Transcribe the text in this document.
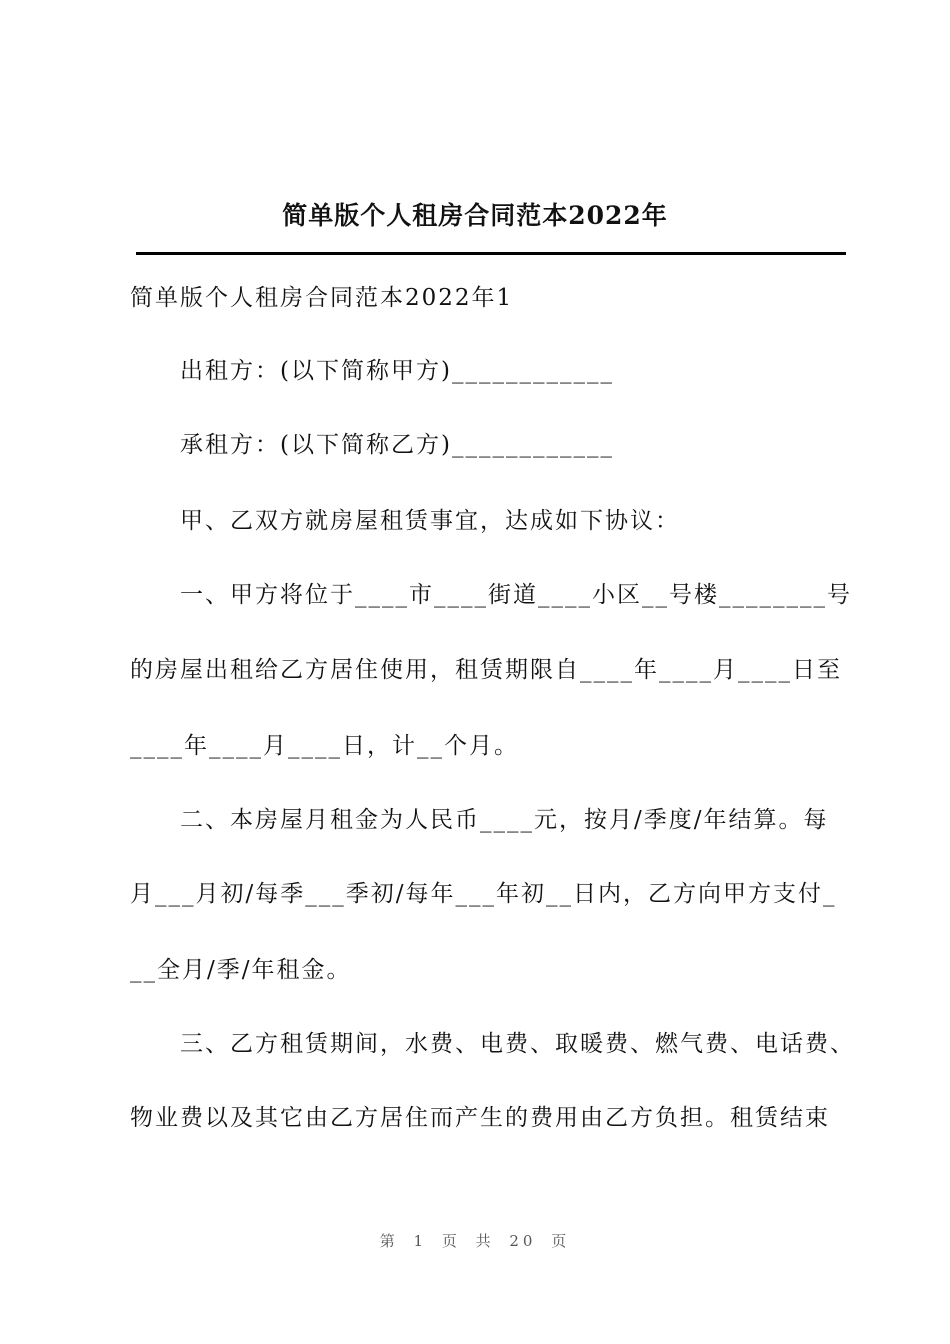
简单版个人租房合同范本2022年
简单版个人租房合同范本2022年1
出租方：(以下简称甲方)____________
承租方：(以下简称乙方)____________
甲、乙双方就房屋租赁事宜，达成如下协议：
一、甲方将位于____市____街道____小区__号楼________号
的房屋出租给乙方居住使用，租赁期限自____年____月____日至
____年____月____日，计__个月。
二、本房屋月租金为人民币____元，按月/季度/年结算。每
月___月初/每季___季初/每年___年初__日内，乙方向甲方支付_
__全月/季/年租金。
三、乙方租赁期间，水费、电费、取暖费、燃气费、电话费、
物业费以及其它由乙方居住而产生的费用由乙方负担。租赁结束
第 1 页 共 20 页
